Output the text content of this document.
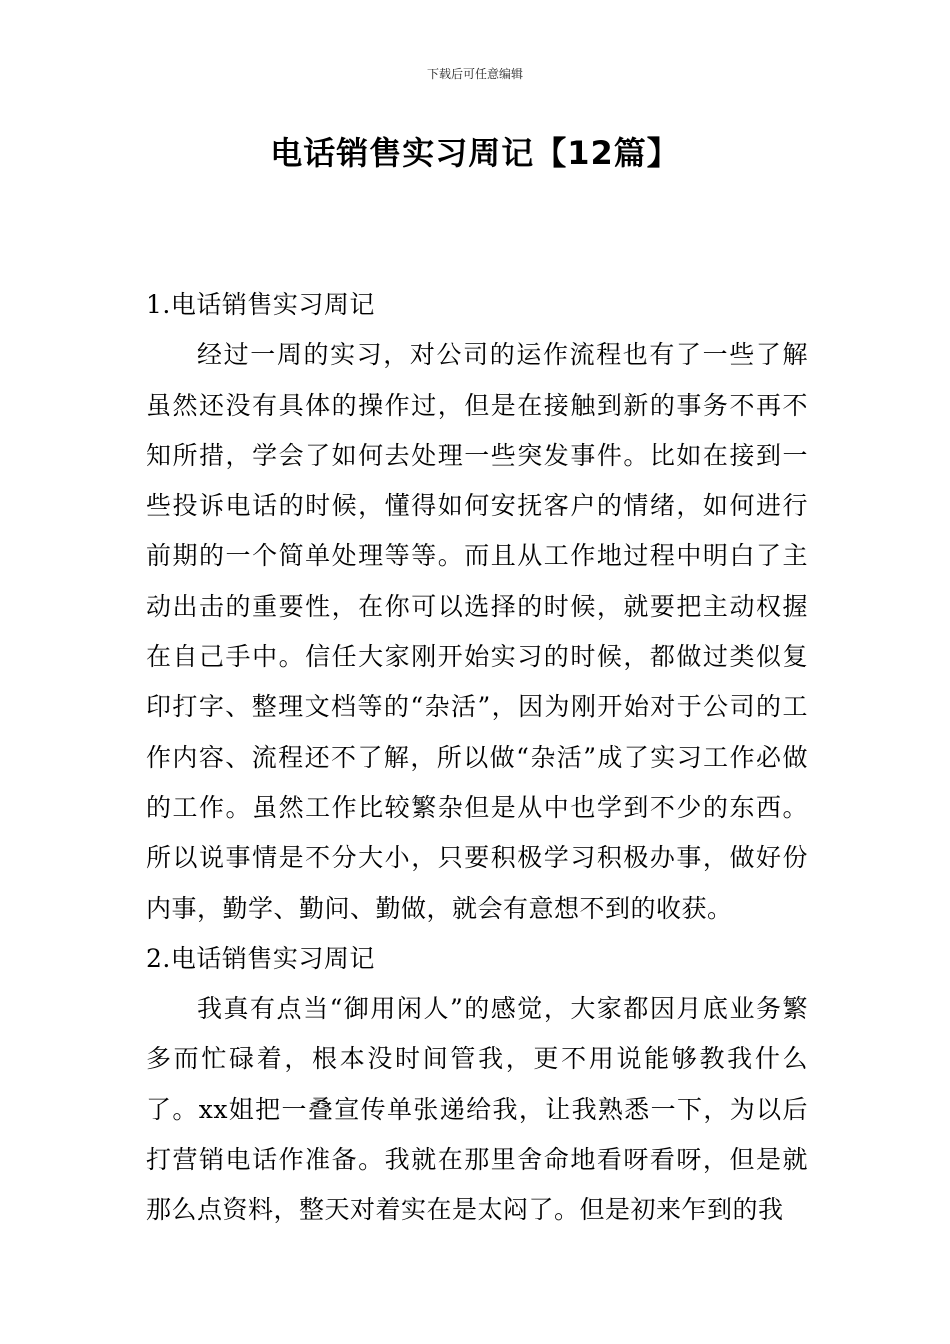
下载后可任意编辑
电话销售实习周记【12篇】

1.电话销售实习周记

经过一周的实习，对公司的运作流程也有了一些了解虽然还没有具体的操作过，但是在接触到新的事务不再不知所措，学会了如何去处理一些突发事件。比如在接到一些投诉电话的时候，懂得如何安抚客户的情绪，如何进行前期的一个简单处理等等。而且从工作地过程中明白了主动出击的重要性，在你可以选择的时候，就要把主动权握在自己手中。信任大家刚开始实习的时候，都做过类似复印打字、整理文档等的“杂活”，因为刚开始对于公司的工作内容、流程还不了解，所以做“杂活”成了实习工作必做的工作。虽然工作比较繁杂但是从中也学到不少的东西。所以说事情是不分大小，只要积极学习积极办事，做好份内事，勤学、勤问、勤做，就会有意想不到的收获。

2.电话销售实习周记

我真有点当“御用闲人”的感觉，大家都因月底业务繁多而忙碌着，根本没时间管我，更不用说能够教我什么了。xx姐把一叠宣传单张递给我，让我熟悉一下，为以后打营销电话作准备。我就在那里舍命地看呀看呀，但是就那么点资料，整天对着实在是太闷了。但是初来乍到的我
